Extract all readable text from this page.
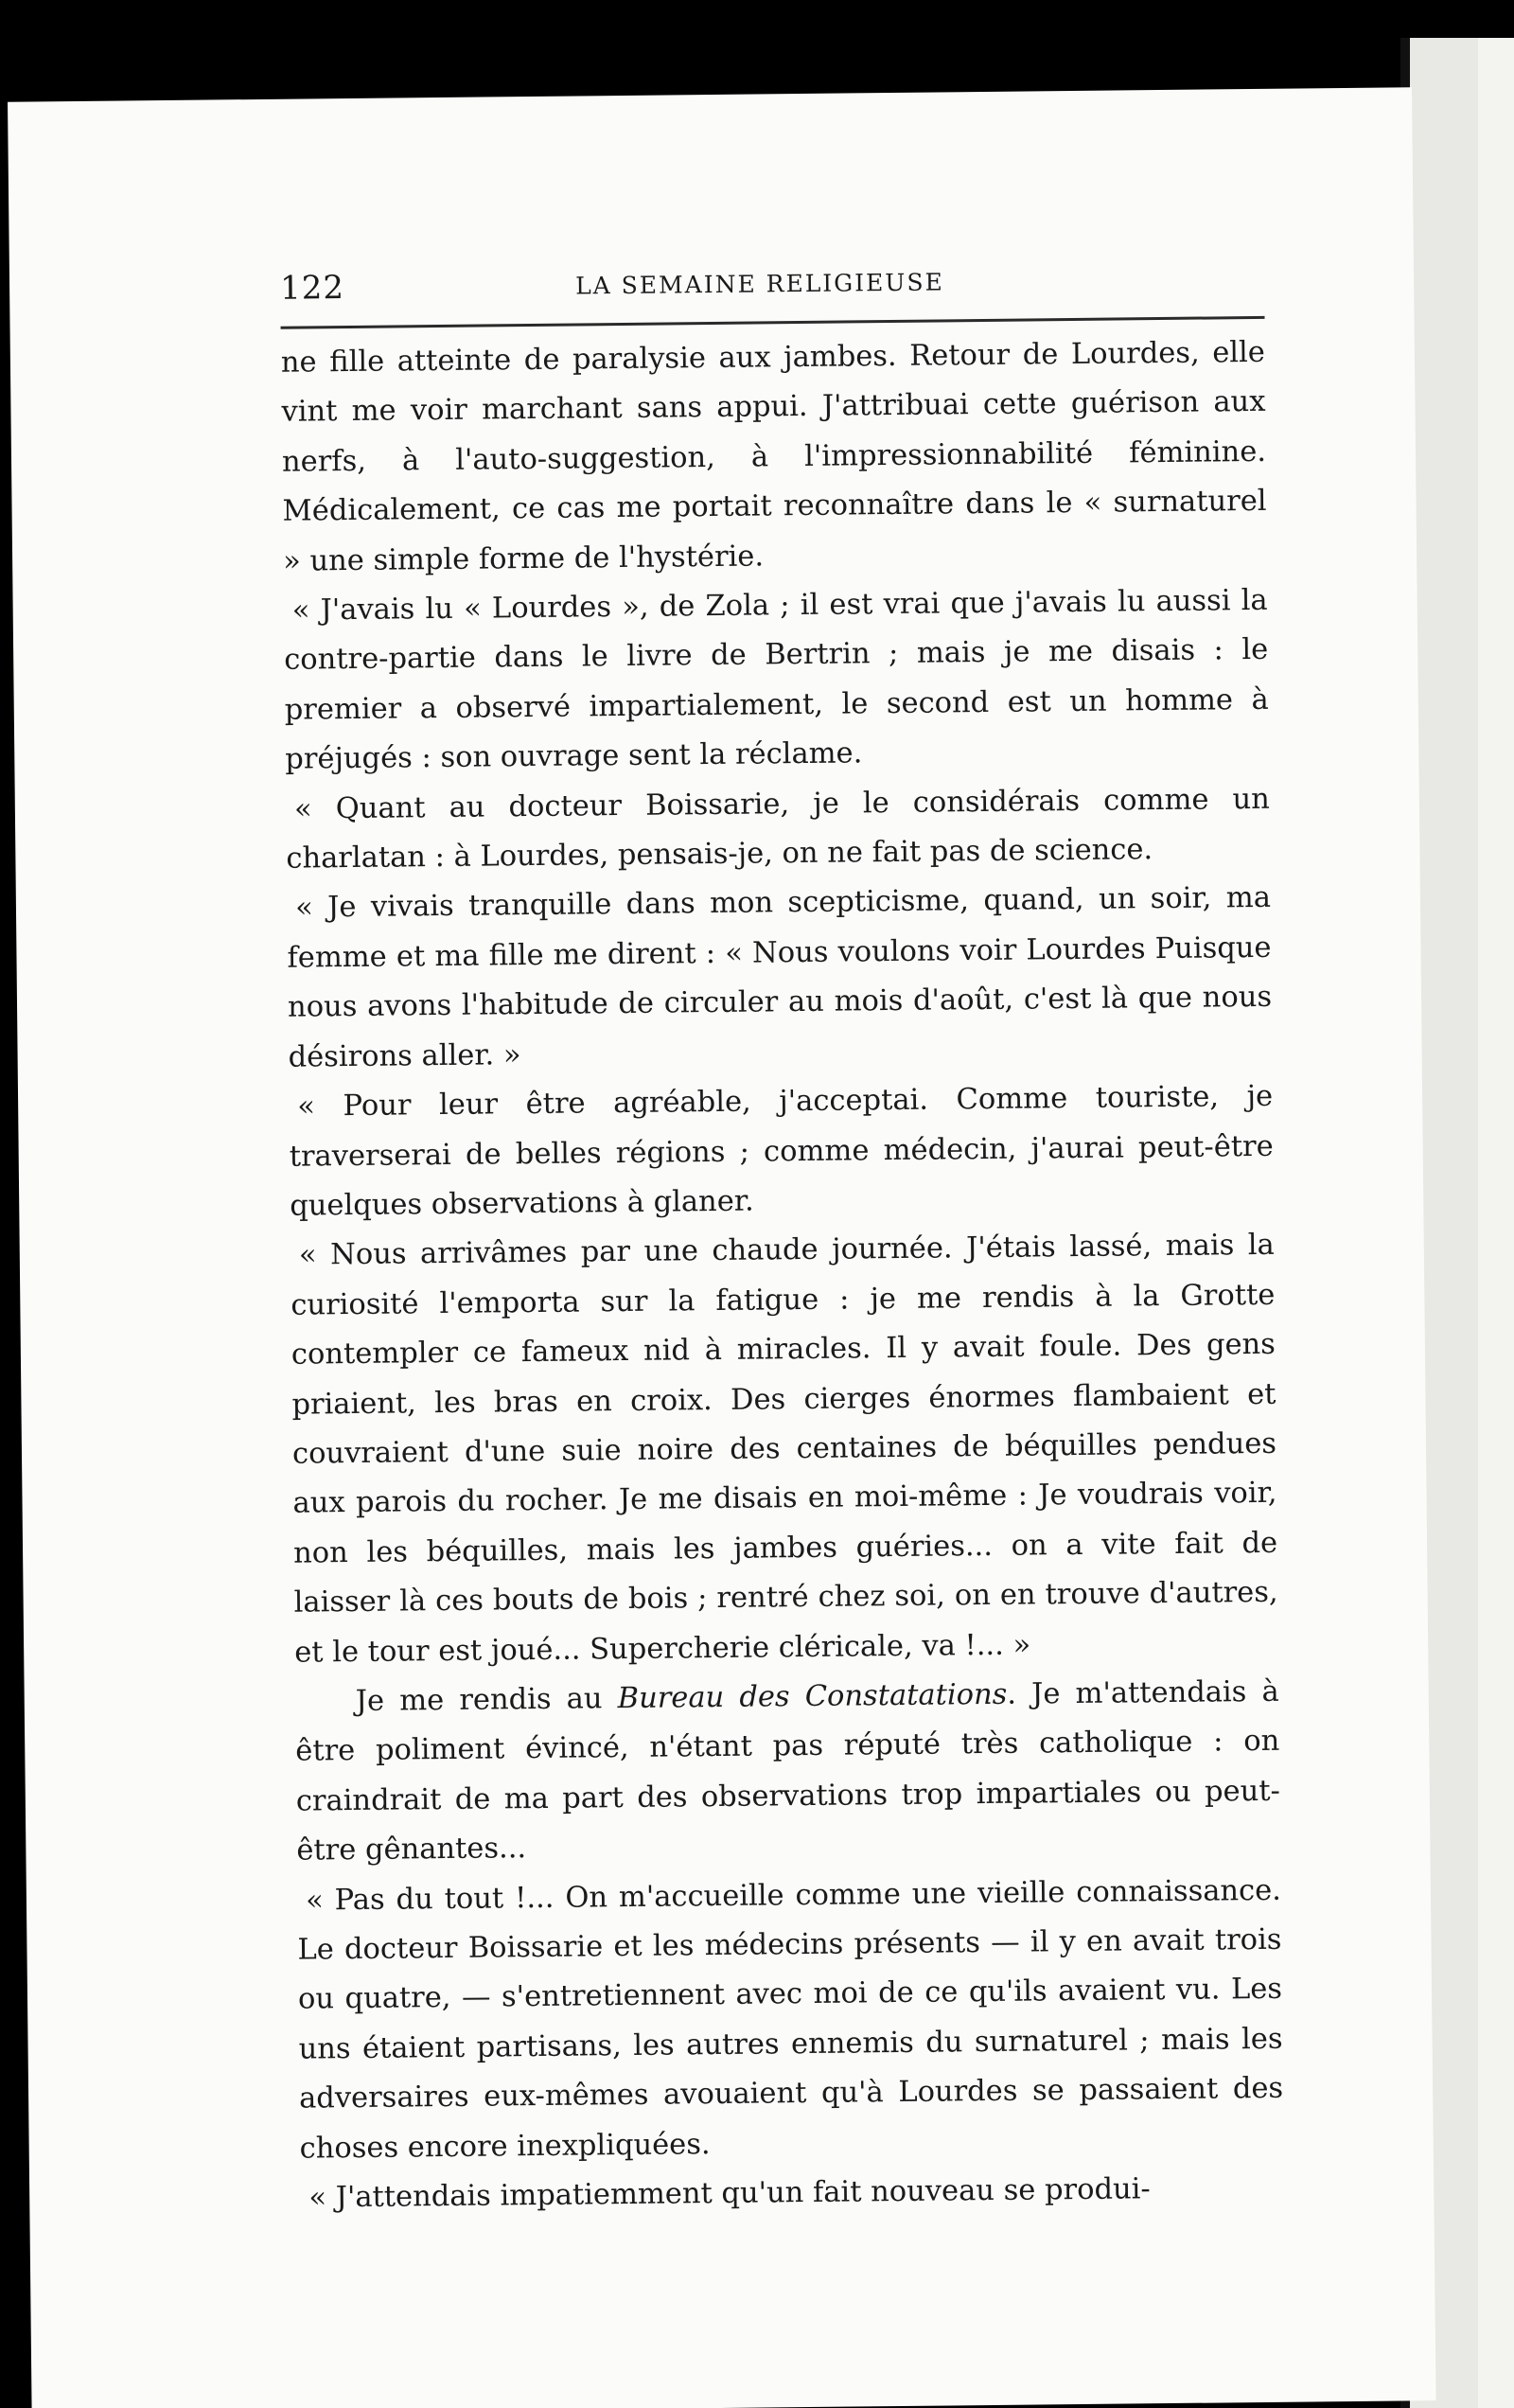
122	LA SEMAINE RELIGIEUSE

ne fille atteinte de paralysie aux jambes. Retour de Lourdes, elle vint me voir marchant sans appui. J'attribuai cette guérison aux nerfs, à l'auto-suggestion, à l'impressionnabilité féminine. Médicalement, ce cas me portait reconnaître dans le « surnaturel » une simple forme de l'hystérie.

« J'avais lu « Lourdes », de Zola ; il est vrai que j'avais lu aussi la contre-partie dans le livre de Bertrin ; mais je me disais : le premier a observé impartialement, le second est un homme à préjugés : son ouvrage sent la réclame.

« Quant au docteur Boissarie, je le considérais comme un charlatan : à Lourdes, pensais-je, on ne fait pas de science.

« Je vivais tranquille dans mon scepticisme, quand, un soir, ma femme et ma fille me dirent : « Nous voulons voir Lourdes Puisque nous avons l'habitude de circuler au mois d'août, c'est là que nous désirons aller. »

« Pour leur être agréable, j'acceptai. Comme touriste, je traverserai de belles régions ; comme médecin, j'aurai peut-être quelques observations à glaner.

« Nous arrivâmes par une chaude journée. J'étais lassé, mais la curiosité l'emporta sur la fatigue : je me rendis à la Grotte contempler ce fameux nid à miracles. Il y avait foule. Des gens priaient, les bras en croix. Des cierges énormes flambaient et couvraient d'une suie noire des centaines de béquilles pendues aux parois du rocher. Je me disais en moi-même : Je voudrais voir, non les béquilles, mais les jambes guéries... on a vite fait de laisser là ces bouts de bois ; rentré chez soi, on en trouve d'autres, et le tour est joué... Supercherie cléricale, va !... »

Je me rendis au Bureau des Constatations. Je m'attendais à être poliment évincé, n'étant pas réputé très catholique : on craindrait de ma part des observations trop impartiales ou peut-être gênantes...

« Pas du tout !... On m'accueille comme une vieille connaissance. Le docteur Boissarie et les médecins présents — il y en avait trois ou quatre, — s'entretiennent avec moi de ce qu'ils avaient vu. Les uns étaient partisans, les autres ennemis du surnaturel ; mais les adversaires eux-mêmes avouaient qu'à Lourdes se passaient des choses encore inexpliquées.

« J'attendais impatiemment qu'un fait nouveau se produi-
